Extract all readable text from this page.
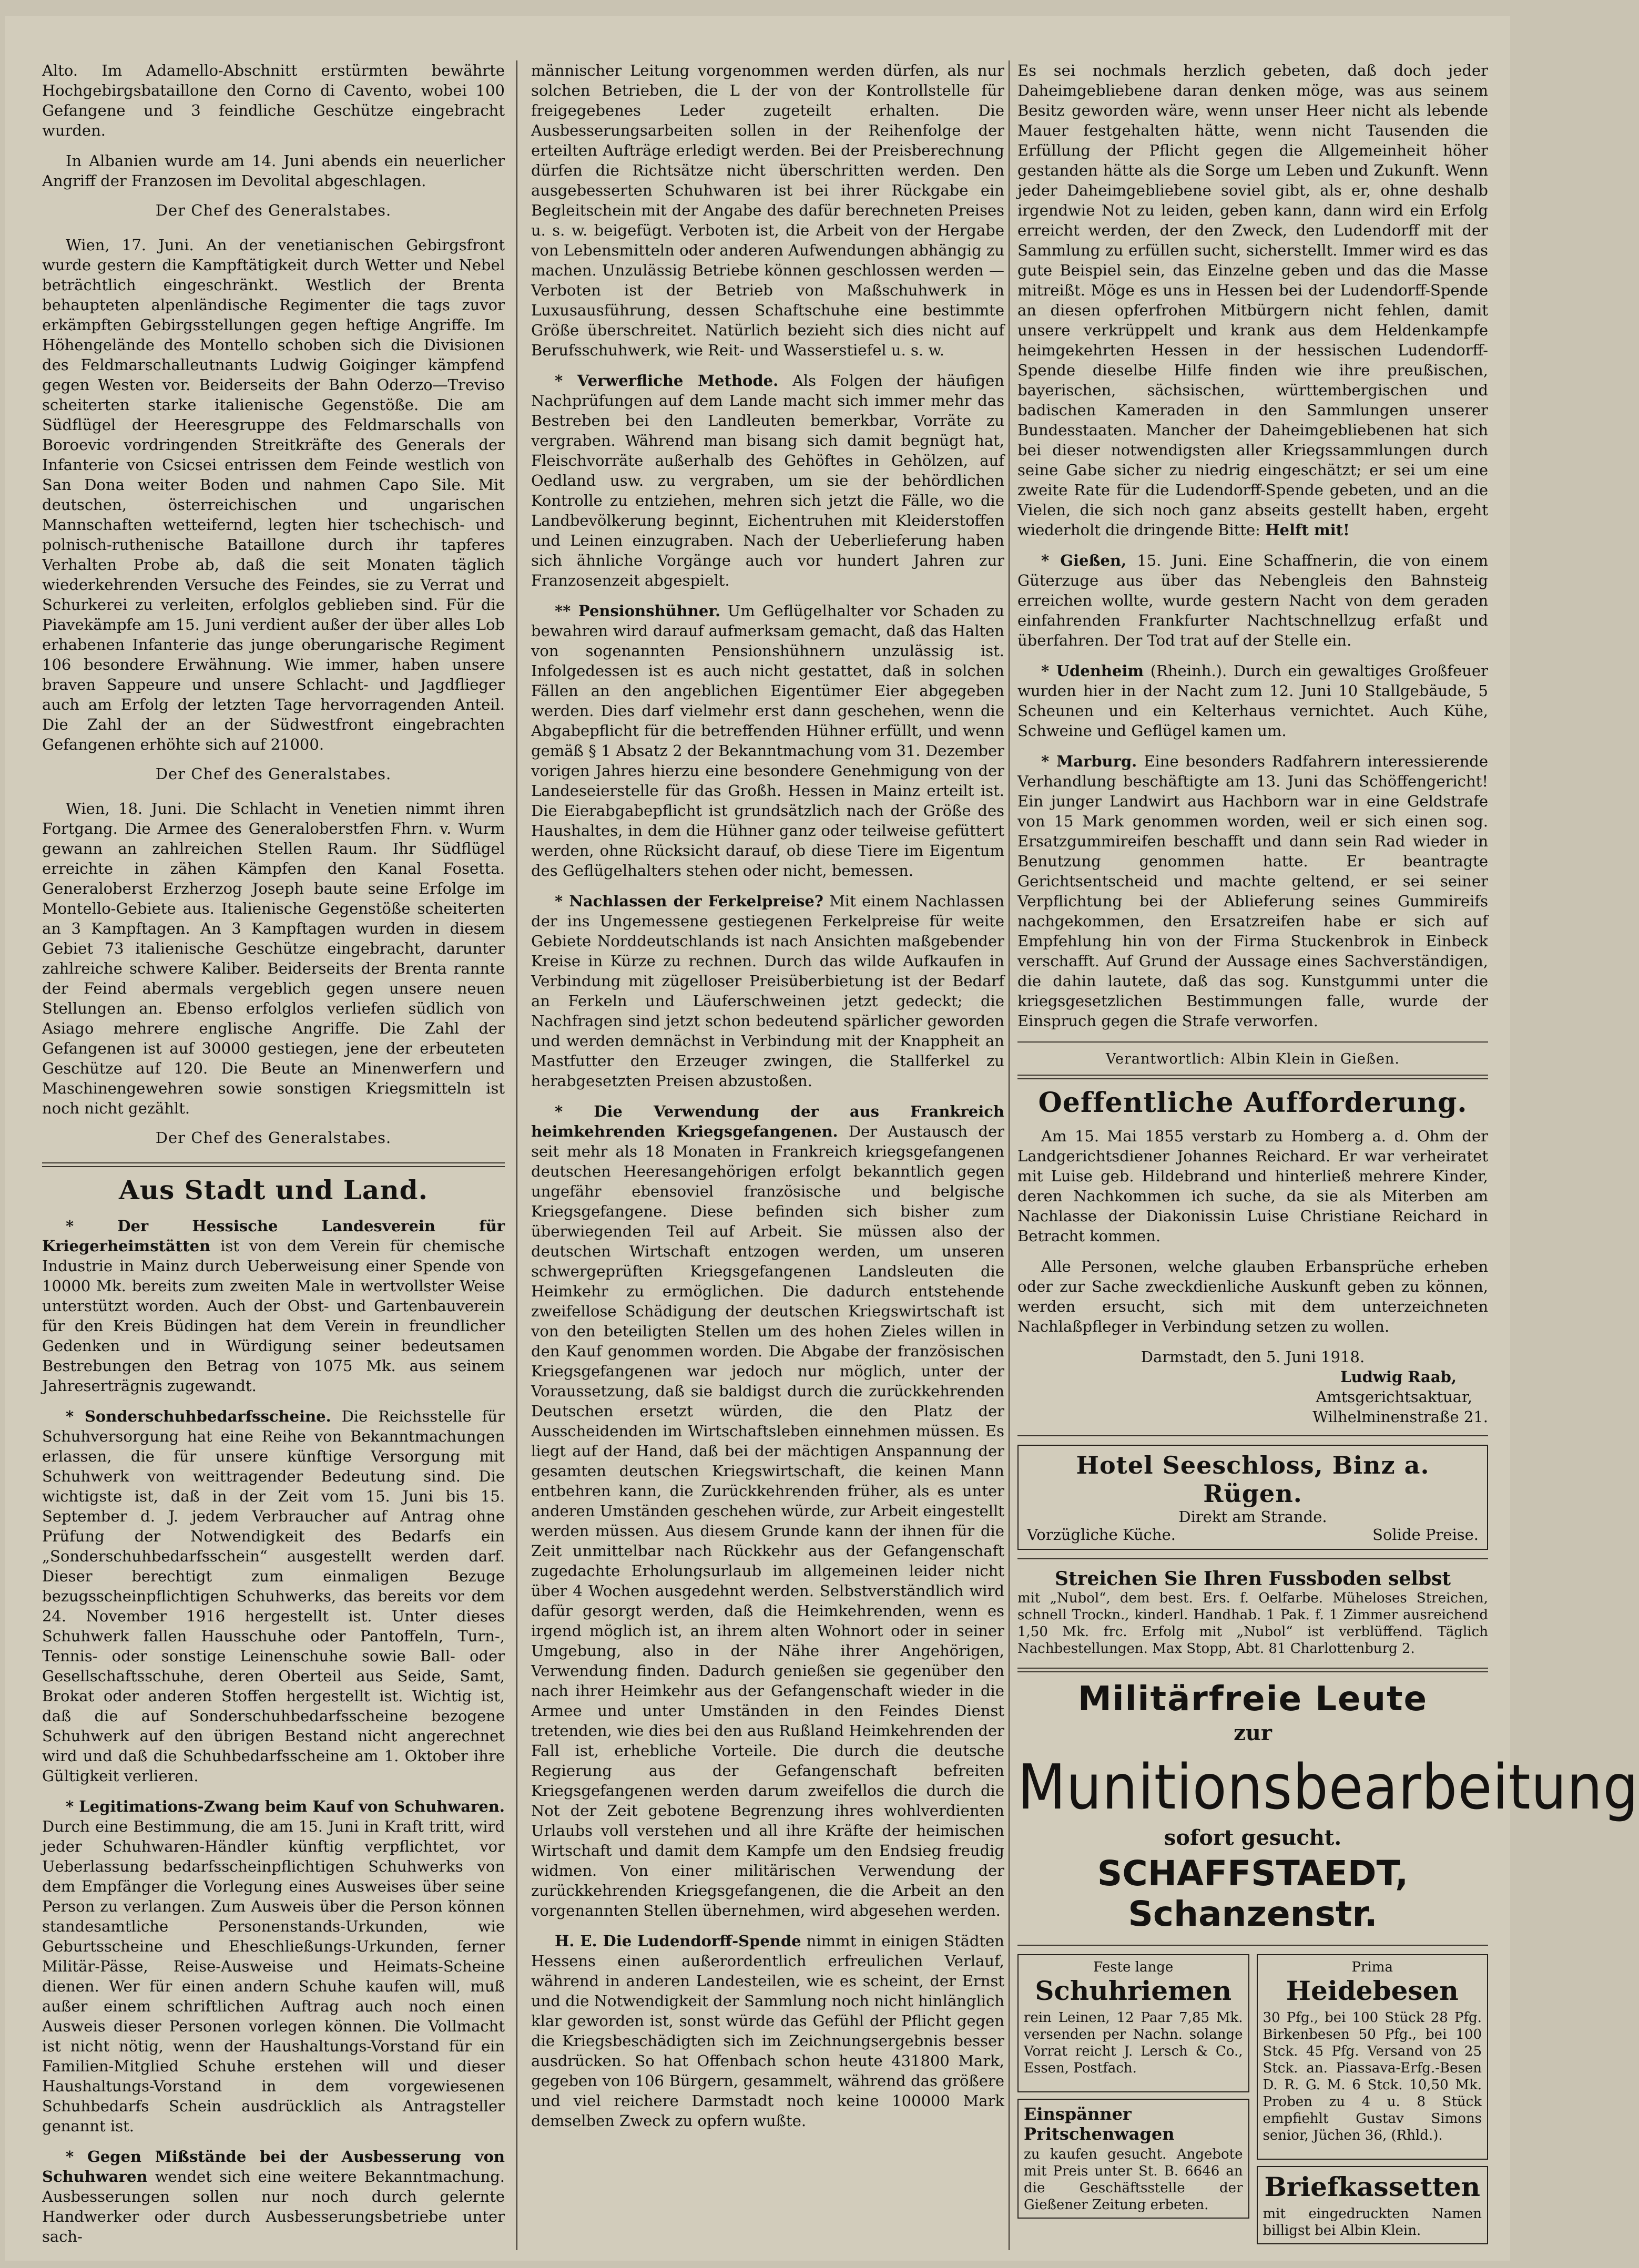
Alto. Im Adamello-Abschnitt erstürmten bewährte Hochgebirgsbataillone den Corno di Cavento, wobei 100 Gefangene und 3 feindliche Geschütze eingebracht wurden.

In Albanien wurde am 14. Juni abends ein neuerlicher Angriff der Franzosen im Devolital abgeschlagen.

Der Chef des Generalstabes.

Wien, 17. Juni. An der venetianischen Gebirgsfront wurde gestern die Kampftätigkeit durch Wetter und Nebel beträchtlich eingeschränkt. Westlich der Brenta behaupteten alpenländische Regimenter die tags zuvor erkämpften Gebirgsstellungen gegen heftige Angriffe. Im Höhengelände des Montello schoben sich die Divisionen des Feldmarschalleutnants Ludwig Goiginger kämpfend gegen Westen vor. Beiderseits der Bahn Oderzo—Treviso scheiterten starke italienische Gegenstöße. Die am Südflügel der Heeresgruppe des Feldmarschalls von Boroevic vordringenden Streitkräfte des Generals der Infanterie von Csicsei entrissen dem Feinde westlich von San Dona weiter Boden und nahmen Capo Sile. Mit deutschen, österreichischen und ungarischen Mannschaften wetteifernd, legten hier tschechisch- und polnisch-ruthenische Bataillone durch ihr tapferes Verhalten Probe ab, daß die seit Monaten täglich wiederkehrenden Versuche des Feindes, sie zu Verrat und Schurkerei zu verleiten, erfolglos geblieben sind. Für die Piavekämpfe am 15. Juni verdient außer der über alles Lob erhabenen Infanterie das junge oberungarische Regiment 106 besondere Erwähnung. Wie immer, haben unsere braven Sappeure und unsere Schlacht- und Jagdflieger auch am Erfolg der letzten Tage hervorragenden Anteil. Die Zahl der an der Südwestfront eingebrachten Gefangenen erhöhte sich auf 21000.

Der Chef des Generalstabes.

Wien, 18. Juni. Die Schlacht in Venetien nimmt ihren Fortgang. Die Armee des Generaloberstfen Fhrn. v. Wurm gewann an zahlreichen Stellen Raum. Ihr Südflügel erreichte in zähen Kämpfen den Kanal Fosetta. Generaloberst Erzherzog Joseph baute seine Erfolge im Montello-Gebiete aus. Italienische Gegenstöße scheiterten an 3 Kampftagen. An 3 Kampftagen wurden in diesem Gebiet 73 italienische Geschütze eingebracht, darunter zahlreiche schwere Kaliber. Beiderseits der Brenta rannte der Feind abermals vergeblich gegen unsere neuen Stellungen an. Ebenso erfolglos verliefen südlich von Asiago mehrere englische Angriffe. Die Zahl der Gefangenen ist auf 30000 gestiegen, jene der erbeuteten Geschütze auf 120. Die Beute an Minenwerfern und Maschinengewehren sowie sonstigen Kriegsmitteln ist noch nicht gezählt.

Der Chef des Generalstabes.
Aus Stadt und Land.

* Der Hessische Landesverein für Kriegerheimstätten ist von dem Verein für chemische Industrie in Mainz durch Ueberweisung einer Spende von 10000 Mk. bereits zum zweiten Male in wertvollster Weise unterstützt worden. Auch der Obst- und Gartenbauverein für den Kreis Büdingen hat dem Verein in freundlicher Gedenken und in Würdigung seiner bedeutsamen Bestrebungen den Betrag von 1075 Mk. aus seinem Jahreserträgnis zugewandt.

* Sonderschuhbedarfsscheine. Die Reichsstelle für Schuhversorgung hat eine Reihe von Bekanntmachungen erlassen, die für unsere künftige Versorgung mit Schuhwerk von weittragender Bedeutung sind. Die wichtigste ist, daß in der Zeit vom 15. Juni bis 15. September d. J. jedem Verbraucher auf Antrag ohne Prüfung der Notwendigkeit des Bedarfs ein „Sonderschuhbedarfsschein“ ausgestellt werden darf. Dieser berechtigt zum einmaligen Bezuge bezugsscheinpflichtigen Schuhwerks, das bereits vor dem 24. November 1916 hergestellt ist. Unter dieses Schuhwerk fallen Hausschuhe oder Pantoffeln, Turn-, Tennis- oder sonstige Leinenschuhe sowie Ball- oder Gesellschaftsschuhe, deren Oberteil aus Seide, Samt, Brokat oder anderen Stoffen hergestellt ist. Wichtig ist, daß die auf Sonderschuhbedarfsscheine bezogene Schuhwerk auf den übrigen Bestand nicht angerechnet wird und daß die Schuhbedarfsscheine am 1. Oktober ihre Gültigkeit verlieren.

* Legitimations-Zwang beim Kauf von Schuhwaren. Durch eine Bestimmung, die am 15. Juni in Kraft tritt, wird jeder Schuhwaren-Händler künftig verpflichtet, vor Ueberlassung bedarfsscheinpflichtigen Schuhwerks von dem Empfänger die Vorlegung eines Ausweises über seine Person zu verlangen. Zum Ausweis über die Person können standesamtliche Personenstands-Urkunden, wie Geburtsscheine und Eheschließungs-Urkunden, ferner Militär-Pässe, Reise-Ausweise und Heimats-Scheine dienen. Wer für einen andern Schuhe kaufen will, muß außer einem schriftlichen Auftrag auch noch einen Ausweis dieser Personen vorlegen können. Die Vollmacht ist nicht nötig, wenn der Haushaltungs-Vorstand für ein Familien-Mitglied Schuhe erstehen will und dieser Haushaltungs-Vorstand in dem vorgewiesenen Schuhbedarfs Schein ausdrücklich als Antragsteller genannt ist.

* Gegen Mißstände bei der Ausbesserung von Schuhwaren wendet sich eine weitere Bekanntmachung. Ausbesserungen sollen nur noch durch gelernte Handwerker oder durch Ausbesserungsbetriebe unter sach-

männischer Leitung vorgenommen werden dürfen, als nur solchen Betrieben, die L der von der Kontrollstelle für freigegebenes Leder zugeteilt erhalten. Die Ausbesserungsarbeiten sollen in der Reihenfolge der erteilten Aufträge erledigt werden. Bei der Preisberechnung dürfen die Richtsätze nicht überschritten werden. Den ausgebesserten Schuhwaren ist bei ihrer Rückgabe ein Begleitschein mit der Angabe des dafür berechneten Preises u. s. w. beigefügt. Verboten ist, die Arbeit von der Hergabe von Lebensmitteln oder anderen Aufwendungen abhängig zu machen. Unzulässig Betriebe können geschlossen werden — Verboten ist der Betrieb von Maßschuhwerk in Luxusausführung, dessen Schaftschuhe eine bestimmte Größe überschreitet. Natürlich bezieht sich dies nicht auf Berufsschuhwerk, wie Reit- und Wasserstiefel u. s. w.

* Verwerfliche Methode. Als Folgen der häufigen Nachprüfungen auf dem Lande macht sich immer mehr das Bestreben bei den Landleuten bemerkbar, Vorräte zu vergraben. Während man bisang sich damit begnügt hat, Fleischvorräte außerhalb des Gehöftes in Gehölzen, auf Oedland usw. zu vergraben, um sie der behördlichen Kontrolle zu entziehen, mehren sich jetzt die Fälle, wo die Landbevölkerung beginnt, Eichentruhen mit Kleiderstoffen und Leinen einzugraben. Nach der Ueberlieferung haben sich ähnliche Vorgänge auch vor hundert Jahren zur Franzosenzeit abgespielt.

** Pensionshühner. Um Geflügelhalter vor Schaden zu bewahren wird darauf aufmerksam gemacht, daß das Halten von sogenannten Pensionshühnern unzulässig ist. Infolgedessen ist es auch nicht gestattet, daß in solchen Fällen an den angeblichen Eigentümer Eier abgegeben werden. Dies darf vielmehr erst dann geschehen, wenn die Abgabepflicht für die betreffenden Hühner erfüllt, und wenn gemäß § 1 Absatz 2 der Bekanntmachung vom 31. Dezember vorigen Jahres hierzu eine besondere Genehmigung von der Landeseierstelle für das Großh. Hessen in Mainz erteilt ist. Die Eierabgabepflicht ist grundsätzlich nach der Größe des Haushaltes, in dem die Hühner ganz oder teilweise gefüttert werden, ohne Rücksicht darauf, ob diese Tiere im Eigentum des Geflügelhalters stehen oder nicht, bemessen.

* Nachlassen der Ferkelpreise? Mit einem Nachlassen der ins Ungemessene gestiegenen Ferkelpreise für weite Gebiete Norddeutschlands ist nach Ansichten maßgebender Kreise in Kürze zu rechnen. Durch das wilde Aufkaufen in Verbindung mit zügelloser Preisüberbietung ist der Bedarf an Ferkeln und Läuferschweinen jetzt gedeckt; die Nachfragen sind jetzt schon bedeutend spärlicher geworden und werden demnächst in Verbindung mit der Knappheit an Mastfutter den Erzeuger zwingen, die Stallferkel zu herabgesetzten Preisen abzustoßen.

* Die Verwendung der aus Frankreich heimkehrenden Kriegsgefangenen. Der Austausch der seit mehr als 18 Monaten in Frankreich kriegsgefangenen deutschen Heeresangehörigen erfolgt bekanntlich gegen ungefähr ebensoviel französische und belgische Kriegsgefangene. Diese befinden sich bisher zum überwiegenden Teil auf Arbeit. Sie müssen also der deutschen Wirtschaft entzogen werden, um unseren schwergeprüften Kriegsgefangenen Landsleuten die Heimkehr zu ermöglichen. Die dadurch entstehende zweifellose Schädigung der deutschen Kriegswirtschaft ist von den beteiligten Stellen um des hohen Zieles willen in den Kauf genommen worden. Die Abgabe der französischen Kriegsgefangenen war jedoch nur möglich, unter der Voraussetzung, daß sie baldigst durch die zurückkehrenden Deutschen ersetzt würden, die den Platz der Ausscheidenden im Wirtschaftsleben einnehmen müssen. Es liegt auf der Hand, daß bei der mächtigen Anspannung der gesamten deutschen Kriegswirtschaft, die keinen Mann entbehren kann, die Zurückkehrenden früher, als es unter anderen Umständen geschehen würde, zur Arbeit eingestellt werden müssen. Aus diesem Grunde kann der ihnen für die Zeit unmittelbar nach Rückkehr aus der Gefangenschaft zugedachte Erholungsurlaub im allgemeinen leider nicht über 4 Wochen ausgedehnt werden. Selbstverständlich wird dafür gesorgt werden, daß die Heimkehrenden, wenn es irgend möglich ist, an ihrem alten Wohnort oder in seiner Umgebung, also in der Nähe ihrer Angehörigen, Verwendung finden. Dadurch genießen sie gegenüber den nach ihrer Heimkehr aus der Gefangenschaft wieder in die Armee und unter Umständen in den Feindes Dienst tretenden, wie dies bei den aus Rußland Heimkehrenden der Fall ist, erhebliche Vorteile. Die durch die deutsche Regierung aus der Gefangenschaft befreiten Kriegsgefangenen werden darum zweifellos die durch die Not der Zeit gebotene Begrenzung ihres wohlverdienten Urlaubs voll verstehen und all ihre Kräfte der heimischen Wirtschaft und damit dem Kampfe um den Endsieg freudig widmen. Von einer militärischen Verwendung der zurückkehrenden Kriegsgefangenen, die die Arbeit an den vorgenannten Stellen übernehmen, wird abgesehen werden.

H. E. Die Ludendorff-Spende nimmt in einigen Städten Hessens einen außerordentlich erfreulichen Verlauf, während in anderen Landesteilen, wie es scheint, der Ernst und die Notwendigkeit der Sammlung noch nicht hinlänglich klar geworden ist, sonst würde das Gefühl der Pflicht gegen die Kriegsbeschädigten sich im Zeichnungsergebnis besser ausdrücken. So hat Offenbach schon heute 431800 Mark, gegeben von 106 Bürgern, gesammelt, während das größere und viel reichere Darmstadt noch keine 100000 Mark demselben Zweck zu opfern wußte.

Es sei nochmals herzlich gebeten, daß doch jeder Daheimgebliebene daran denken möge, was aus seinem Besitz geworden wäre, wenn unser Heer nicht als lebende Mauer festgehalten hätte, wenn nicht Tausenden die Erfüllung der Pflicht gegen die Allgemeinheit höher gestanden hätte als die Sorge um Leben und Zukunft. Wenn jeder Daheimgebliebene soviel gibt, als er, ohne deshalb irgendwie Not zu leiden, geben kann, dann wird ein Erfolg erreicht werden, der den Zweck, den Ludendorff mit der Sammlung zu erfüllen sucht, sicherstellt. Immer wird es das gute Beispiel sein, das Einzelne geben und das die Masse mitreißt. Möge es uns in Hessen bei der Ludendorff-Spende an diesen opferfrohen Mitbürgern nicht fehlen, damit unsere verkrüppelt und krank aus dem Heldenkampfe heimgekehrten Hessen in der hessischen Ludendorff-Spende dieselbe Hilfe finden wie ihre preußischen, bayerischen, sächsischen, württembergischen und badischen Kameraden in den Sammlungen unserer Bundesstaaten. Mancher der Daheimgebliebenen hat sich bei dieser notwendigsten aller Kriegssammlungen durch seine Gabe sicher zu niedrig eingeschätzt; er sei um eine zweite Rate für die Ludendorff-Spende gebeten, und an die Vielen, die sich noch ganz abseits gestellt haben, ergeht wiederholt die dringende Bitte: Helft mit!

* Gießen, 15. Juni. Eine Schaffnerin, die von einem Güterzuge aus über das Nebengleis den Bahnsteig erreichen wollte, wurde gestern Nacht von dem geraden einfahrenden Frankfurter Nachtschnellzug erfaßt und überfahren. Der Tod trat auf der Stelle ein.

* Udenheim (Rheinh.). Durch ein gewaltiges Großfeuer wurden hier in der Nacht zum 12. Juni 10 Stallgebäude, 5 Scheunen und ein Kelterhaus vernichtet. Auch Kühe, Schweine und Geflügel kamen um.

* Marburg. Eine besonders Radfahrern interessierende Verhandlung beschäftigte am 13. Juni das Schöffengericht! Ein junger Landwirt aus Hachborn war in eine Geldstrafe von 15 Mark genommen worden, weil er sich einen sog. Ersatzgummireifen beschafft und dann sein Rad wieder in Benutzung genommen hatte. Er beantragte Gerichtsentscheid und machte geltend, er sei seiner Verpflichtung bei der Ablieferung seines Gummireifs nachgekommen, den Ersatzreifen habe er sich auf Empfehlung hin von der Firma Stuckenbrok in Einbeck verschafft. Auf Grund der Aussage eines Sachverständigen, die dahin lautete, daß das sog. Kunstgummi unter die kriegsgesetzlichen Bestimmungen falle, wurde der Einspruch gegen die Strafe verworfen.

Verantwortlich: Albin Klein in Gießen.
Oeffentliche Aufforderung.

Am 15. Mai 1855 verstarb zu Homberg a. d. Ohm der Landgerichtsdiener Johannes Reichard. Er war verheiratet mit Luise geb. Hildebrand und hinterließ mehrere Kinder, deren Nachkommen ich suche, da sie als Miterben am Nachlasse der Diakonissin Luise Christiane Reichard in Betracht kommen.

Alle Personen, welche glauben Erbansprüche erheben oder zur Sache zweckdienliche Auskunft geben zu können, werden ersucht, sich mit dem unterzeichneten Nachlaßpfleger in Verbindung setzen zu wollen.

Darmstadt, den 5. Juni 1918.

Ludwig Raab,

Amtsgerichtsaktuar,

Wilhelminenstraße 21.

Hotel Seeschloss, Binz a. Rügen.
Direkt am Strande.
Vorzügliche Küche.	Solide Preise.
Streichen Sie Ihren Fussboden selbst

mit „Nubol“, dem best. Ers. f. Oelfarbe. Müheloses Streichen, schnell Trockn., kinderl. Handhab. 1 Pak. f. 1 Zimmer ausreichend 1,50 Mk. frc. Erfolg mit „Nubol“ ist verblüffend. Täglich Nachbestellungen. Max Stopp, Abt. 81 Charlottenburg 2.

Militärfreie Leute
zur
Munitionsbearbeitung
sofort gesucht.
SCHAFFSTAEDT, Schanzenstr.
Feste lange
Schuhriemen

rein Leinen, 12 Paar 7,85 Mk. versenden per Nachn. solange Vorrat reicht J. Lersch & Co., Essen, Postfach.

Einspänner Pritschenwagen

zu kaufen gesucht. Angebote mit Preis unter St. B. 6646 an die Geschäftsstelle der Gießener Zeitung erbeten.

Prima
Heidebesen

30 Pfg., bei 100 Stück 28 Pfg. Birkenbesen 50 Pfg., bei 100 Stck. 45 Pfg. Versand von 25 Stck. an. Piassava-Erfg.-Besen D. R. G. M. 6 Stck. 10,50 Mk. Proben zu 4 u. 8 Stück empfiehlt Gustav Simons senior, Jüchen 36, (Rhld.).

Briefkassetten

mit eingedruckten Namen billigst bei Albin Klein.
